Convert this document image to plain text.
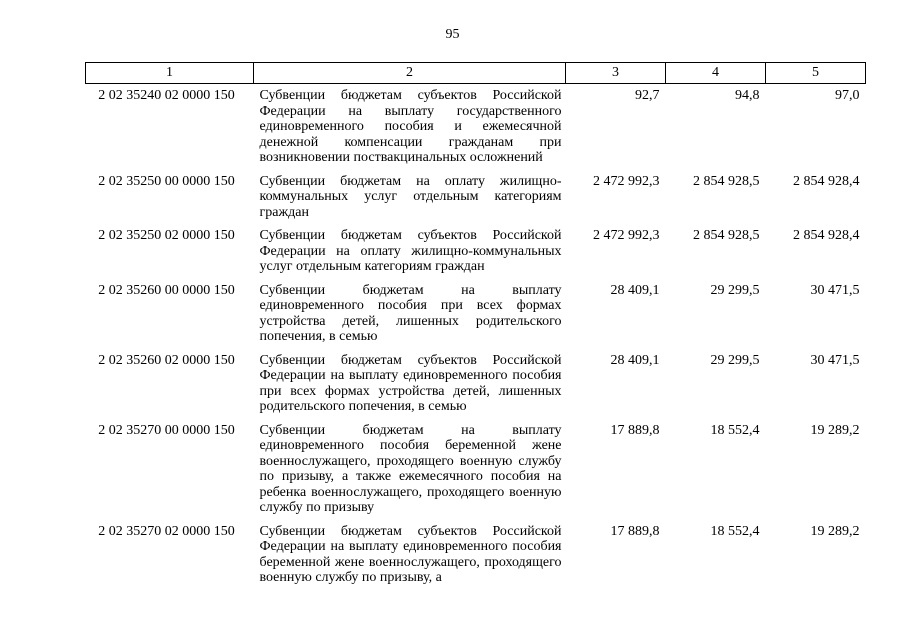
95
1	2	3	4	5
2 02 35240 02 0000 150	Субвенции бюджетам субъектов Российской Федерации на выплату государственного единовременного пособия и ежемесячной денежной компенсации гражданам при возникновении поствакцинальных осложнений	92,7	94,8	97,0
2 02 35250 00 0000 150	Субвенции бюджетам на оплату жилищно-коммунальных услуг отдельным категориям граждан	2 472 992,3	2 854 928,5	2 854 928,4
2 02 35250 02 0000 150	Субвенции бюджетам субъектов Российской Федерации на оплату жилищно-коммунальных услуг отдельным категориям граждан	2 472 992,3	2 854 928,5	2 854 928,4
2 02 35260 00 0000 150	Субвенции бюджетам на выплату единовременного пособия при всех формах устройства детей, лишенных родительского попечения, в семью	28 409,1	29 299,5	30 471,5
2 02 35260 02 0000 150	Субвенции бюджетам субъектов Российской Федерации на выплату единовременного пособия при всех формах устройства детей, лишенных родительского попечения, в семью	28 409,1	29 299,5	30 471,5
2 02 35270 00 0000 150	Субвенции бюджетам на выплату единовременного пособия беременной жене военнослужащего, проходящего военную службу по призыву, а также ежемесячного пособия на ребенка военнослужащего, проходящего военную службу по призыву	17 889,8	18 552,4	19 289,2
2 02 35270 02 0000 150	Субвенции бюджетам субъектов Российской Федерации на выплату единовременного пособия беременной жене военнослужащего, проходящего военную службу по призыву, а	17 889,8	18 552,4	19 289,2
